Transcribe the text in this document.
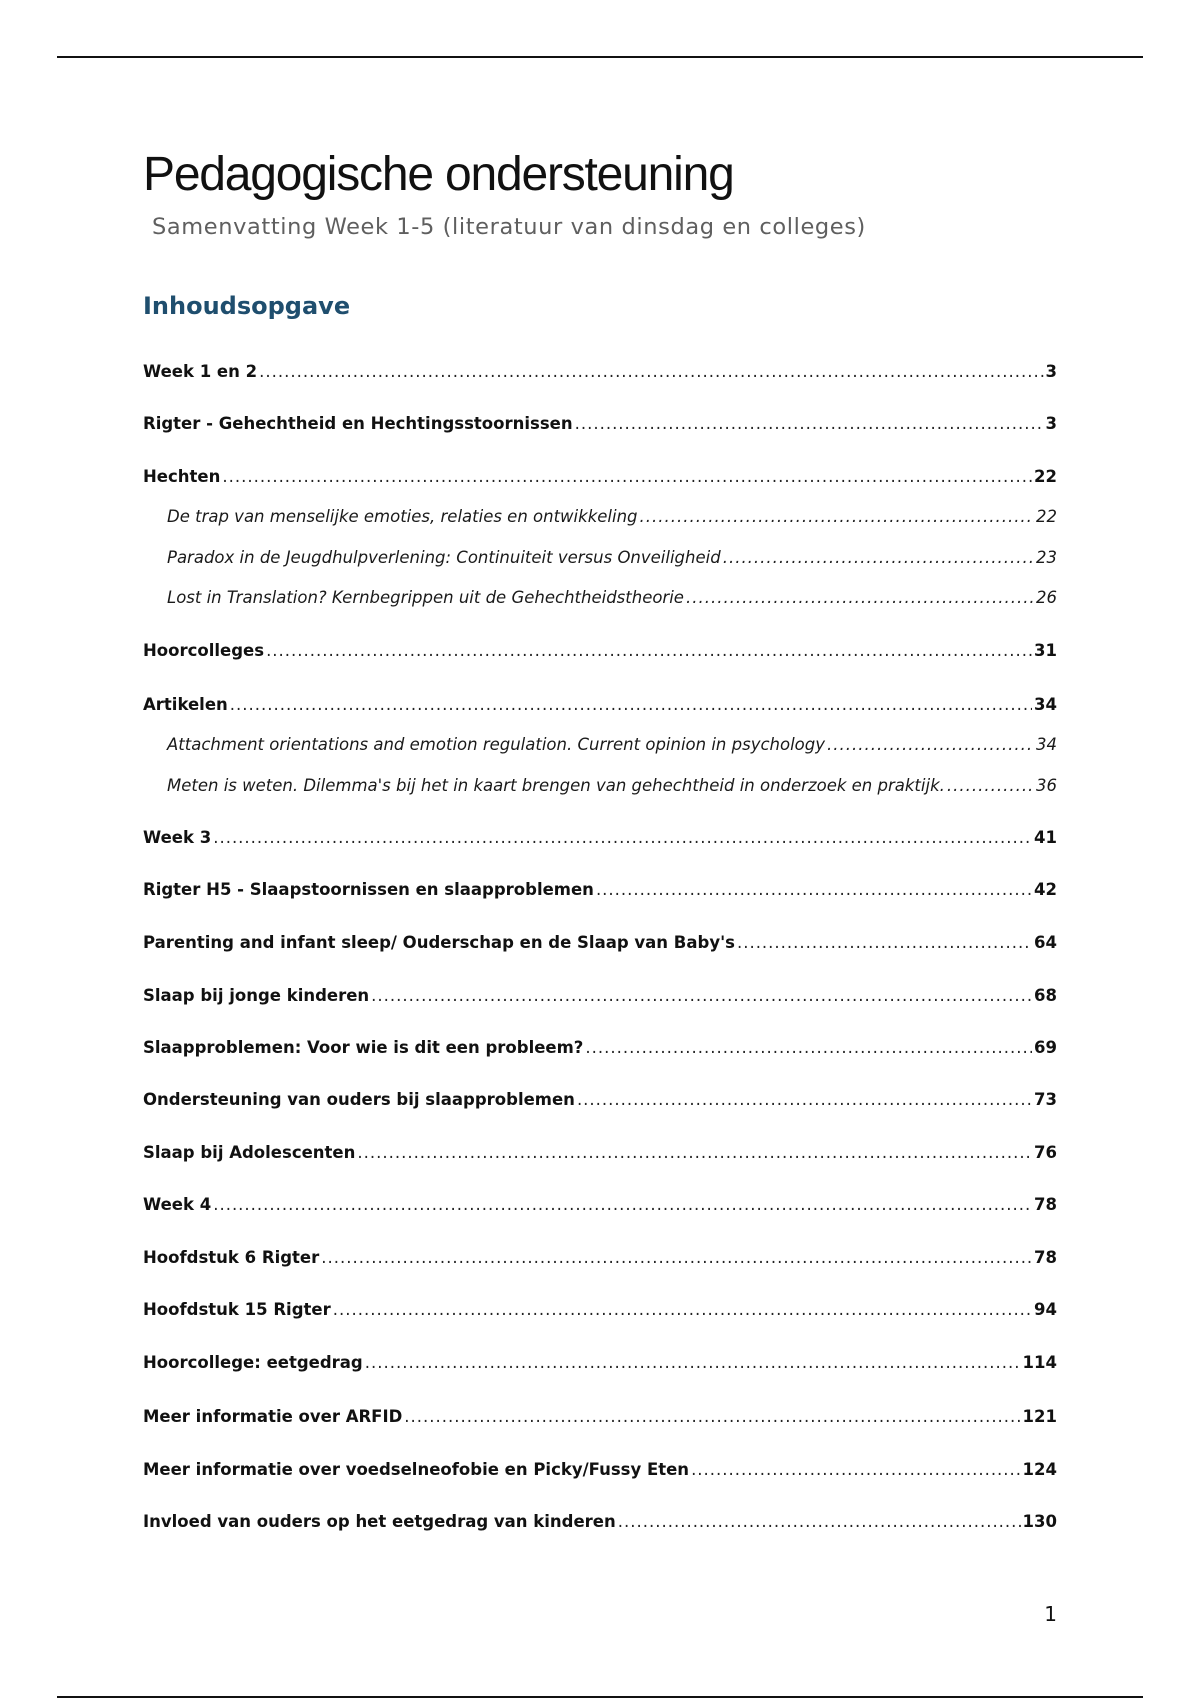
Pedagogische ondersteuning
Samenvatting Week 1-5 (literatuur van dinsdag en colleges)
Inhoudsopgave
Week 1 en 2 .....	3
Rigter - Gehechtheid en Hechtingsstoornissen .....	3
Hechten .....	22
De trap van menselijke emoties, relaties en ontwikkeling .....	22
Paradox in de Jeugdhulpverlening: Continuiteit versus Onveiligheid .....	23
Lost in Translation? Kernbegrippen uit de Gehechtheidstheorie .....	26
Hoorcolleges .....	31
Artikelen .....	34
Attachment orientations and emotion regulation. Current opinion in psychology .....	34
Meten is weten. Dilemma's bij het in kaart brengen van gehechtheid in onderzoek en praktijk. .....	36
Week 3 .....	41
Rigter H5 - Slaapstoornissen en slaapproblemen .....	42
Parenting and infant sleep/ Ouderschap en de Slaap van Baby's .....	64
Slaap bij jonge kinderen .....	68
Slaapproblemen: Voor wie is dit een probleem? .....	69
Ondersteuning van ouders bij slaapproblemen .....	73
Slaap bij Adolescenten .....	76
Week 4 .....	78
Hoofdstuk 6 Rigter .....	78
Hoofdstuk 15 Rigter .....	94
Hoorcollege: eetgedrag .....	114
Meer informatie over ARFID .....	121
Meer informatie over voedselneofobie en Picky/Fussy Eten .....	124
Invloed van ouders op het eetgedrag van kinderen .....	130
1
